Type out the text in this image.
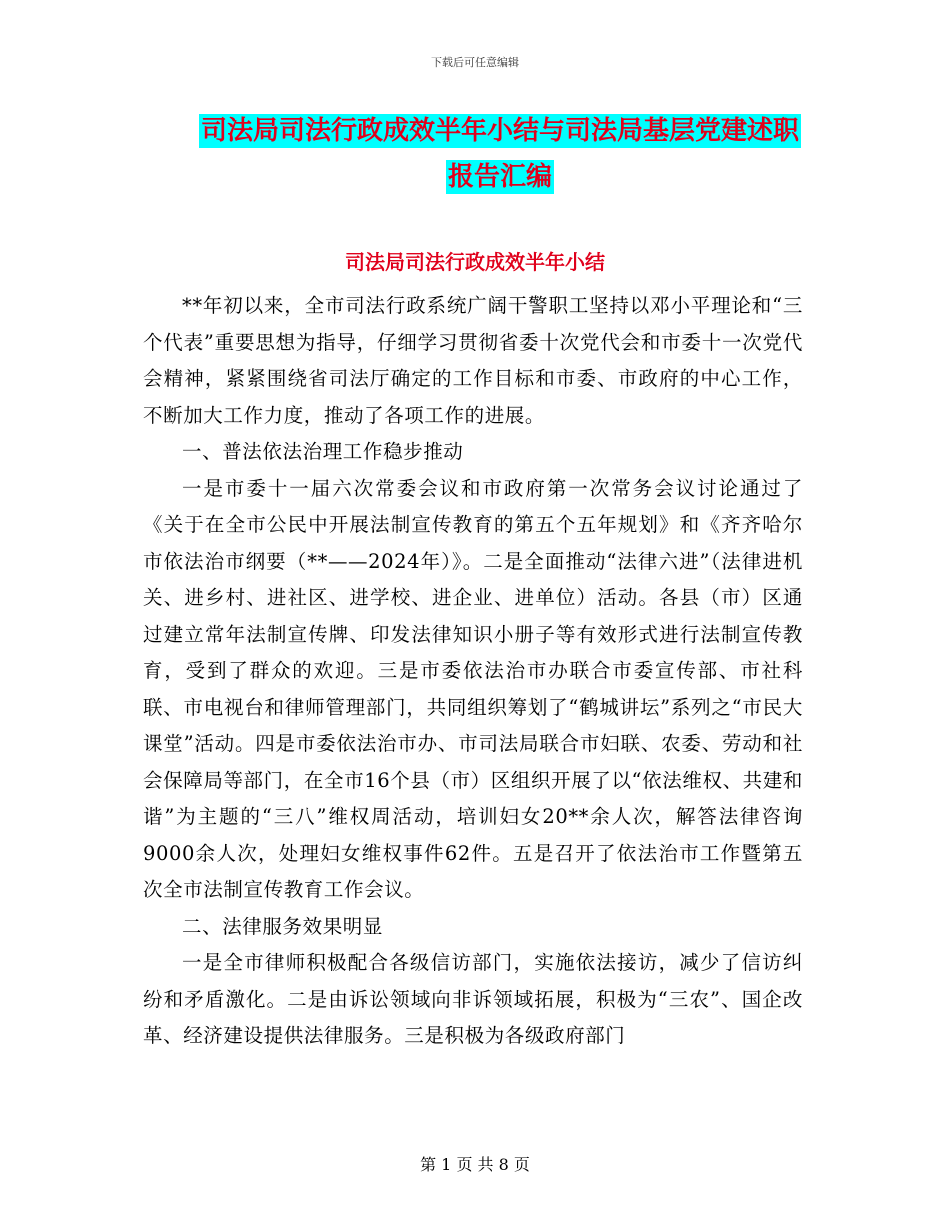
下载后可任意编辑
司法局司法行政成效半年小结与司法局基层党建述职
报告汇编
司法局司法行政成效半年小结

**年初以来，全市司法行政系统广阔干警职工坚持以邓小平理论和“三个代表”重要思想为指导，仔细学习贯彻省委十次党代会和市委十一次党代会精神，紧紧围绕省司法厅确定的工作目标和市委、市政府的中心工作，不断加大工作力度，推动了各项工作的进展。

一、普法依法治理工作稳步推动

一是市委十一届六次常委会议和市政府第一次常务会议讨论通过了《关于在全市公民中开展法制宣传教育的第五个五年规划》和《齐齐哈尔市依法治市纲要（**——2024年）》。二是全面推动“法律六进”（法律进机关、进乡村、进社区、进学校、进企业、进单位）活动。各县（市）区通过建立常年法制宣传牌、印发法律知识小册子等有效形式进行法制宣传教育，受到了群众的欢迎。三是市委依法治市办联合市委宣传部、市社科联、市电视台和律师管理部门，共同组织筹划了“鹤城讲坛”系列之“市民大课堂”活动。四是市委依法治市办、市司法局联合市妇联、农委、劳动和社会保障局等部门，在全市16个县（市）区组织开展了以“依法维权、共建和谐”为主题的“三八”维权周活动，培训妇女20**余人次，解答法律咨询9000余人次，处理妇女维权事件62件。五是召开了依法治市工作暨第五次全市法制宣传教育工作会议。

二、法律服务效果明显

一是全市律师积极配合各级信访部门，实施依法接访，减少了信访纠纷和矛盾激化。二是由诉讼领域向非诉领域拓展，积极为“三农”、国企改革、经济建设提供法律服务。三是积极为各级政府部门

第 1 页 共 8 页
